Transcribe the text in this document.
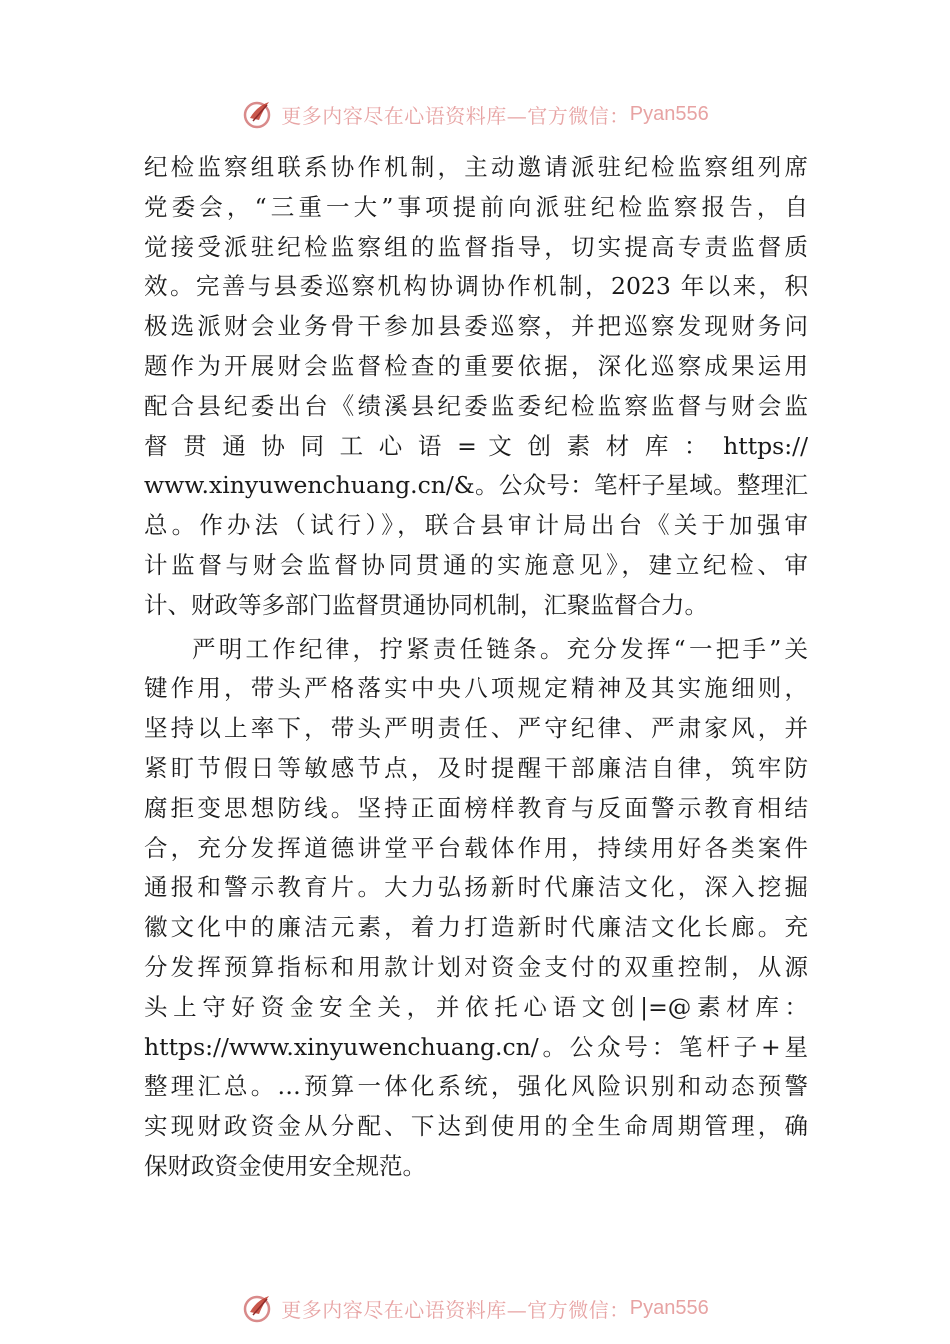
更多内容尽在心语资料库—官方微信： Pyan556
纪检监察组联系协作机制，主动邀请派驻纪检监察组列席
党委会，“三重一大”事项提前向派驻纪检监察报告，自
觉接受派驻纪检监察组的监督指导，切实提高专责监督质
效。完善与县委巡察机构协调协作机制，2023 年以来，积
极选派财会业务骨干参加县委巡察，并把巡察发现财务问
题作为开展财会监督检查的重要依据，深化巡察成果运用
配合县纪委出台《绩溪县纪委监委纪检监察监督与财会监
督 贯 通 协 同 工 心 语 = 文 创 素 材 库 ： https://
www.xinyuwenchuang.cn/&。公众号：笔杆子星域。整理汇
总。作办法（试行）》，联合县审计局出台《关于加强审
计监督与财会监督协同贯通的实施意见》，建立纪检、审
计、财政等多部门监督贯通协同机制，汇聚监督合力。
严明工作纪律，拧紧责任链条。充分发挥“一把手”关
键作用，带头严格落实中央八项规定精神及其实施细则，
坚持以上率下，带头严明责任、严守纪律、严肃家风，并
紧盯节假日等敏感节点，及时提醒干部廉洁自律，筑牢防
腐拒变思想防线。坚持正面榜样教育与反面警示教育相结
合，充分发挥道德讲堂平台载体作用，持续用好各类案件
通报和警示教育片。大力弘扬新时代廉洁文化，深入挖掘
徽文化中的廉洁元素，着力打造新时代廉洁文化长廊。充
分发挥预算指标和用款计划对资金支付的双重控制，从源
头上守好资金安全关，并依托心语文创|=@素材库：
https://www.xinyuwenchuang.cn/。公众号：笔杆子+星
整理汇总。…预算一体化系统，强化风险识别和动态预警
实现财政资金从分配、下达到使用的全生命周期管理，确
保财政资金使用安全规范。
更多内容尽在心语资料库—官方微信： Pyan556
